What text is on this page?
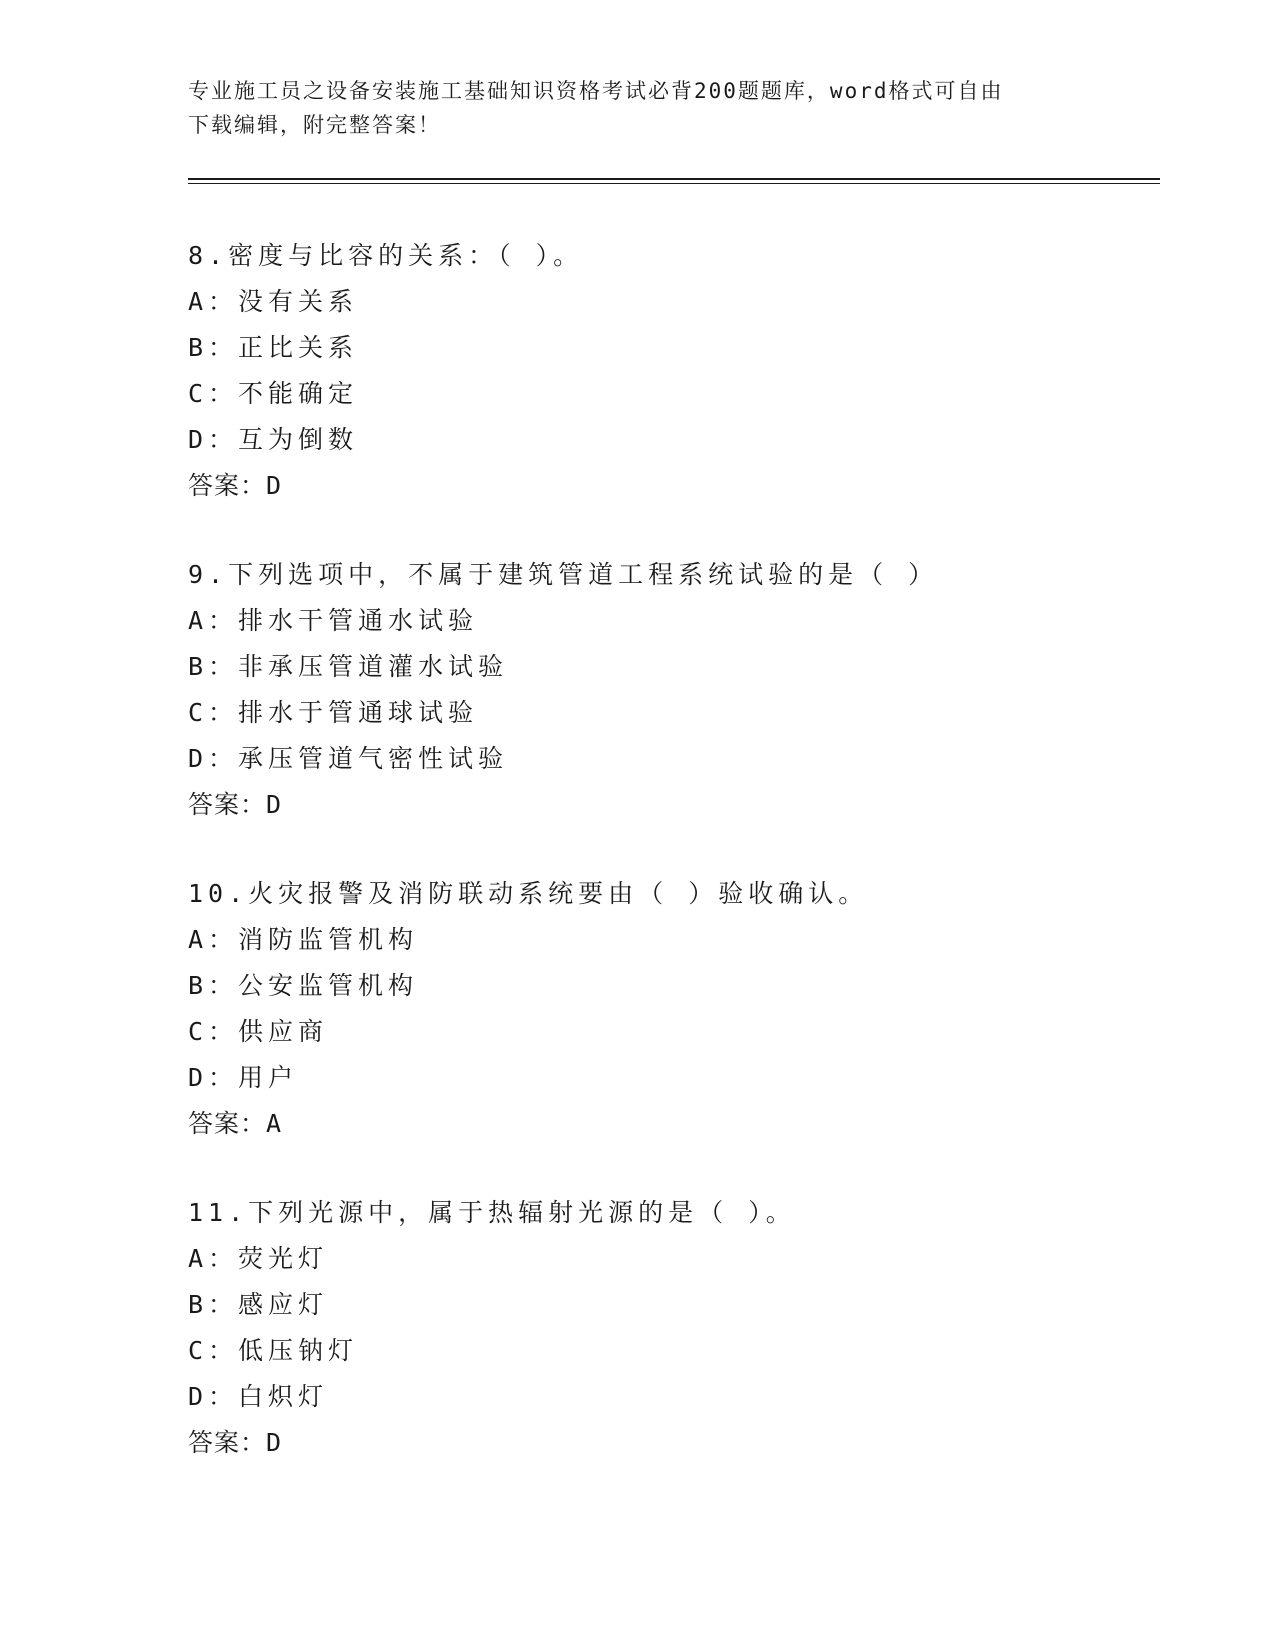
专业施工员之设备安装施工基础知识资格考试必背200题题库，word格式可自由
下载编辑，附完整答案！
8.密度与比容的关系：（ ）。
A：没有关系
B：正比关系
C：不能确定
D：互为倒数
答案：D
9.下列选项中，不属于建筑管道工程系统试验的是（ ）
A：排水干管通水试验
B：非承压管道灌水试验
C：排水于管通球试验
D：承压管道气密性试验
答案：D
10.火灾报警及消防联动系统要由（ ）验收确认。
A：消防监管机构
B：公安监管机构
C：供应商
D：用户
答案：A
11.下列光源中，属于热辐射光源的是（ ）。
A：荧光灯
B：感应灯
C：低压钠灯
D：白炽灯
答案：D
